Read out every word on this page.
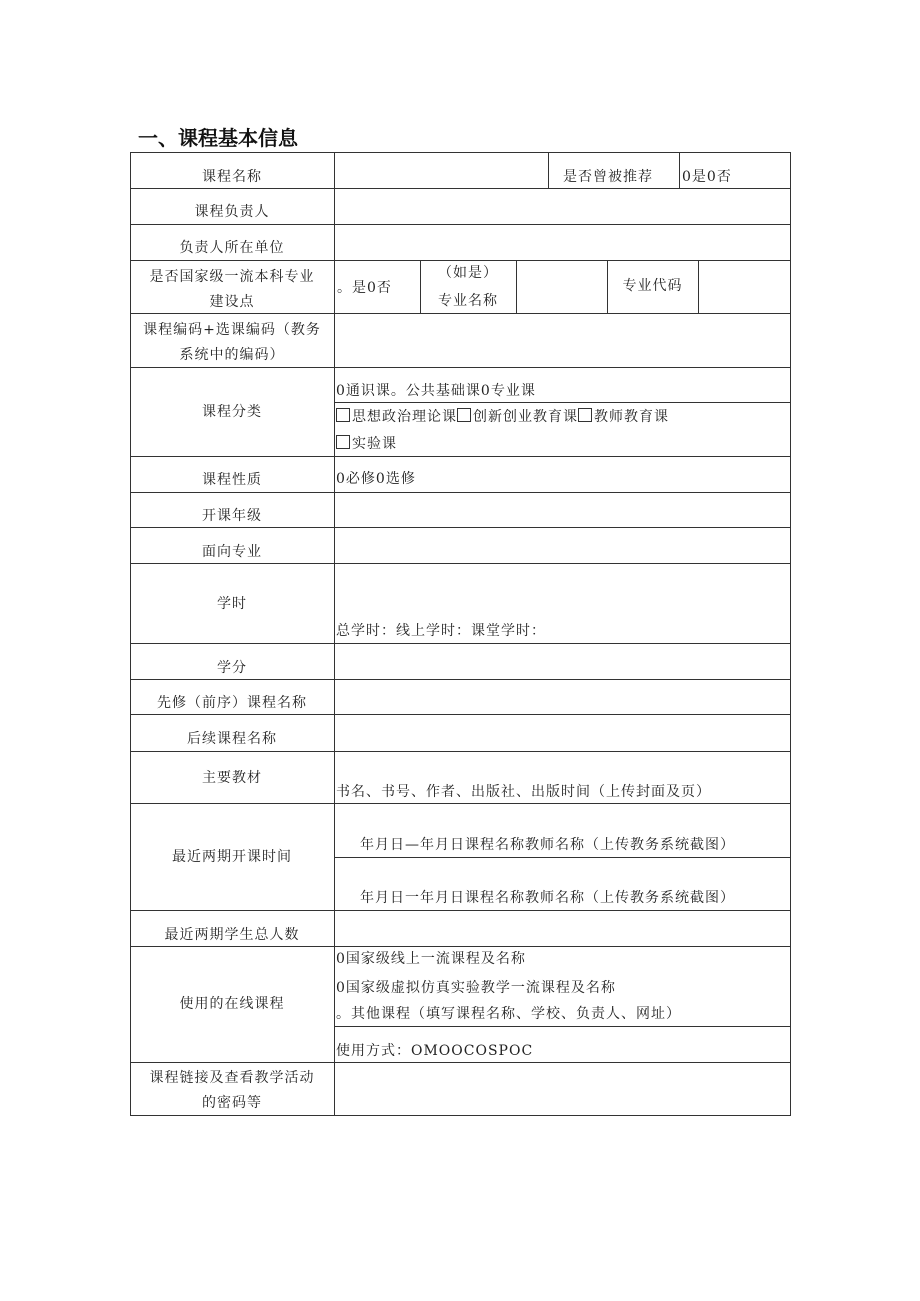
一、课程基本信息
课程名称	是否曾被推荐 0是0否
课程负责人
负责人所在单位
是否国家级一流本科专业
建设点
。是0否
（如是）
专业名称
专业代码
课程编码+选课编码（教务
系统中的编码）
课程分类
0通识课。公共基础课0专业课
思想政治理论课 创新创业教育课 教师教育课
实验课
课程性质	0必修0选修
开课年级
面向专业
学时
总学时：线上学时：课堂学时：
学分
先修（前序）课程名称
后续课程名称
主要教材
书名、书号、作者、出版社、出版时间（上传封面及页）
最近两期开课时间
年月日—年月日课程名称教师名称（上传教务系统截图）
年月日一年月日课程名称教师名称（上传教务系统截图）
最近两期学生总人数
使用的在线课程
0国家级线上一流课程及名称
0国家级虚拟仿真实验教学一流课程及名称
。其他课程（填写课程名称、学校、负责人、网址）
使用方式：OMOOCOSPOC
课程链接及查看教学活动
的密码等
